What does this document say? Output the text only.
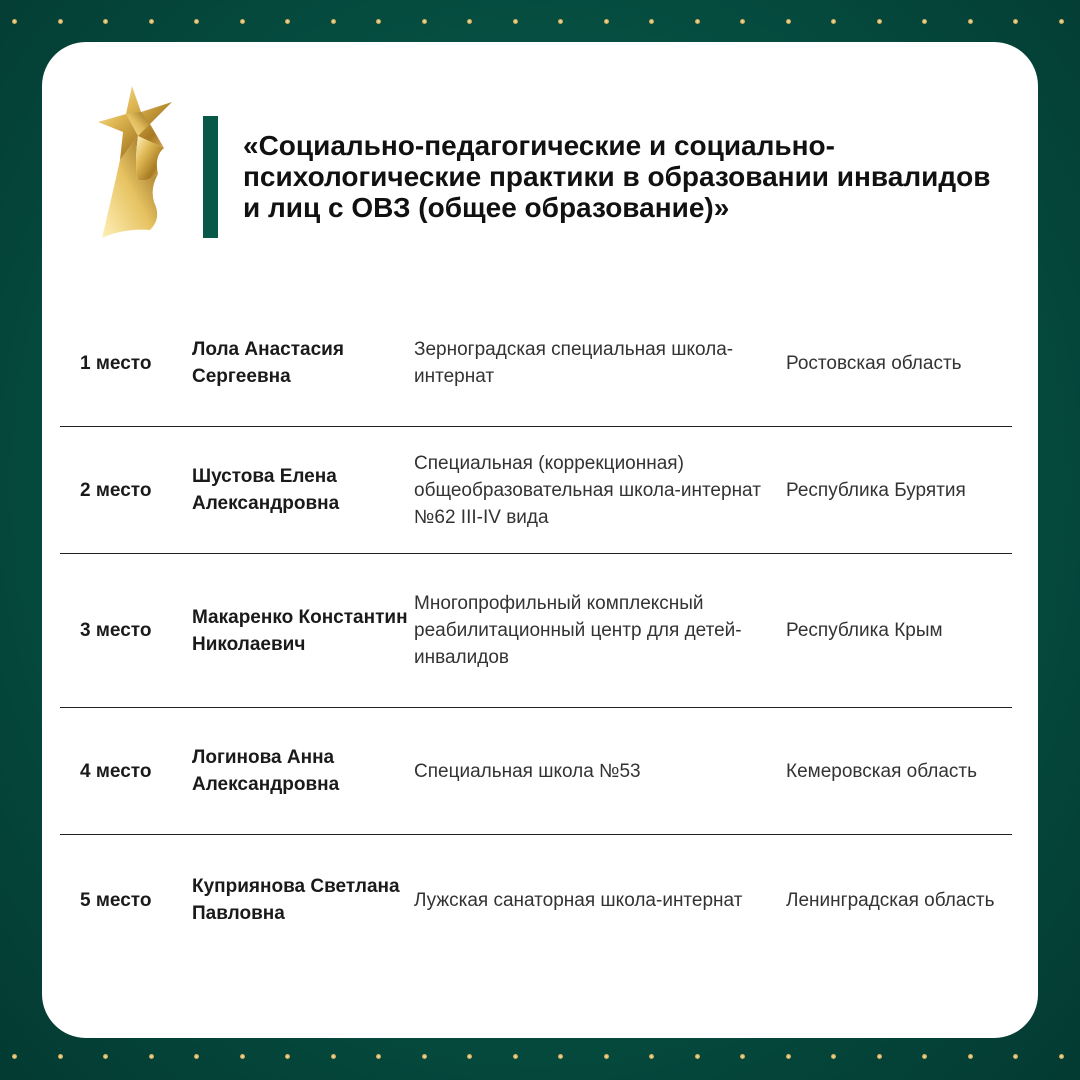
«Социально-педагогические и социально-психологические практики в образовании инвалидов и лиц с ОВЗ (общее образование)»
1 место
Лола Анастасия Сергеевна
Зерноградская специальная школа-интернат
Ростовская область
2 место
Шустова Елена Александровна
Специальная (коррекционная) общеобразовательная школа-интернат №62 III-IV вида
Республика Бурятия
3 место
Макаренко Константин Николаевич
Многопрофильный комплексный реабилитационный центр для детей-инвалидов
Республика Крым
4 место
Логинова Анна Александровна
Специальная школа №53	Кемеровская область
5 место
Куприянова Светлана Павловна
Лужская санаторная школа-интернат	Ленинградская область
